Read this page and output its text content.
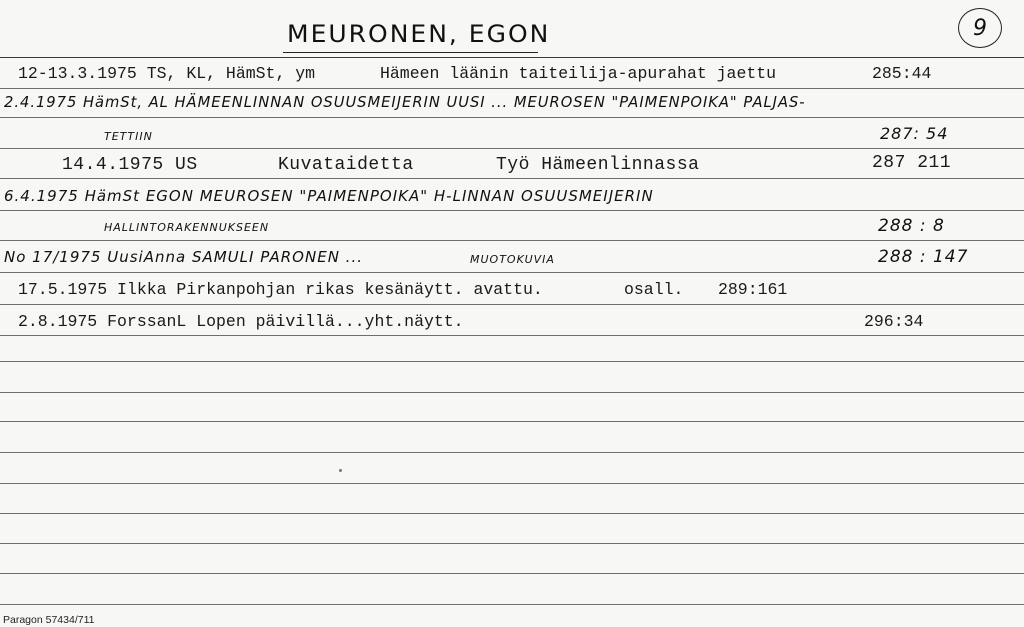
MEURONEN, EGON	9
12-13.3.1975 TS, KL, HämSt, ym	Hämeen läänin taiteilija-apurahat jaettu	285:44
2.4.1975 HämSt, AL HÄMEENLINNAN OSUUSMEIJERIN UUSI ... MEUROSEN "PAIMENPOIKA" PALJAS-
TETTIIN	287: 54
14.4.1975 US	Kuvataidetta	Työ Hämeenlinnassa	287 211
6.4.1975 HämSt EGON MEUROSEN "PAIMENPOIKA" H-LINNAN OSUUSMEIJERIN
HALLINTORAKENNUKSEEN	288 : 8
No 17/1975 UusiAnna SAMULI PARONEN ...	MUOTOKUVIA	288 : 147
17.5.1975 Ilkka Pirkanpohjan rikas kesänäytt. avattu.	osall. 289:161
2.8.1975 ForssanL Lopen päivillä...yht.näytt.	296:34
Paragon 57434/711
